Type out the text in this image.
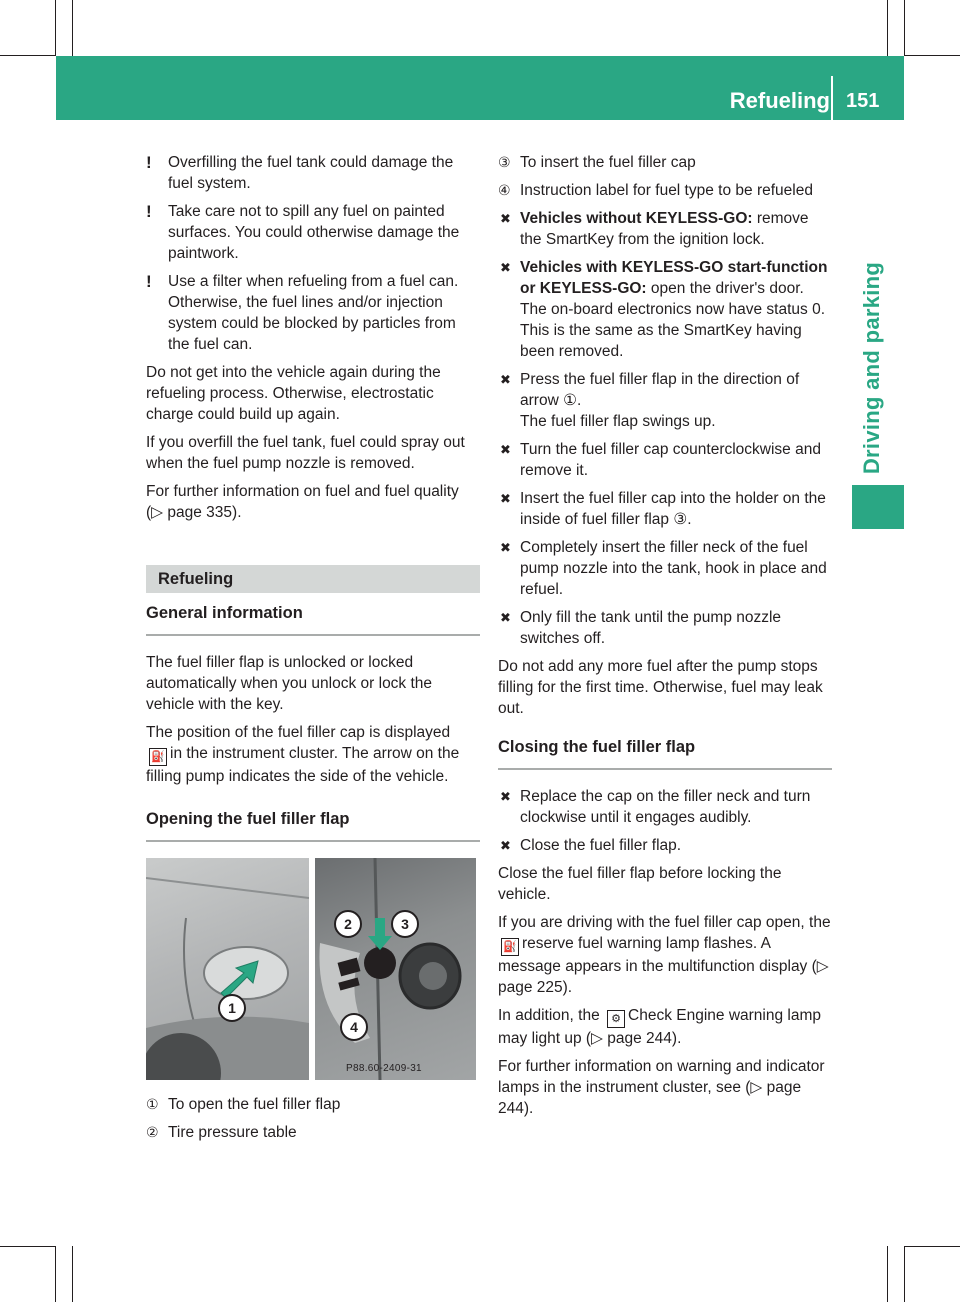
Refueling 151
Driving and parking
! Overfilling the fuel tank could damage the fuel system.
! Take care not to spill any fuel on painted surfaces. You could otherwise damage the paintwork.
! Use a filter when refueling from a fuel can. Otherwise, the fuel lines and/or injection system could be blocked by particles from the fuel can.

Do not get into the vehicle again during the refueling process. Otherwise, electrostatic charge could build up again.

If you overfill the fuel tank, fuel could spray out when the fuel pump nozzle is removed.

For further information on fuel and fuel quality (▷ page 335).

Refueling
General information

The fuel filler flap is unlocked or locked automatically when you unlock or lock the vehicle with the key.

The position of the fuel filler cap is displayed
⛽ in the instrument cluster. The arrow on the filling pump indicates the side of the vehicle.

Opening the fuel filler flap
1
2	3
4
P88.60-2409-31
① To open the fuel filler flap
② Tire pressure table
③ To insert the fuel filler cap
④ Instruction label for fuel type to be refueled
✖ Vehicles without KEYLESS-GO: remove the SmartKey from the ignition lock.
✖ Vehicles with KEYLESS-GO start-function or KEYLESS-GO: open the driver's door.
The on-board electronics now have status 0. This is the same as the SmartKey having been removed.
✖ Press the fuel filler flap in the direction of arrow ①.
The fuel filler flap swings up.
✖ Turn the fuel filler cap counterclockwise and remove it.
✖ Insert the fuel filler cap into the holder on the inside of fuel filler flap ③.
✖ Completely insert the filler neck of the fuel pump nozzle into the tank, hook in place and refuel.
✖ Only fill the tank until the pump nozzle switches off.

Do not add any more fuel after the pump stops filling for the first time. Otherwise, fuel may leak out.

Closing the fuel filler flap
✖ Replace the cap on the filler neck and turn clockwise until it engages audibly.
✖ Close the fuel filler flap.

Close the fuel filler flap before locking the vehicle.

If you are driving with the fuel filler cap open, the ⛽ reserve fuel warning lamp flashes. A message appears in the multifunction display (▷ page 225).

In addition, the ⚙ Check Engine warning lamp may light up (▷ page 244).

For further information on warning and indicator lamps in the instrument cluster, see (▷ page 244).
